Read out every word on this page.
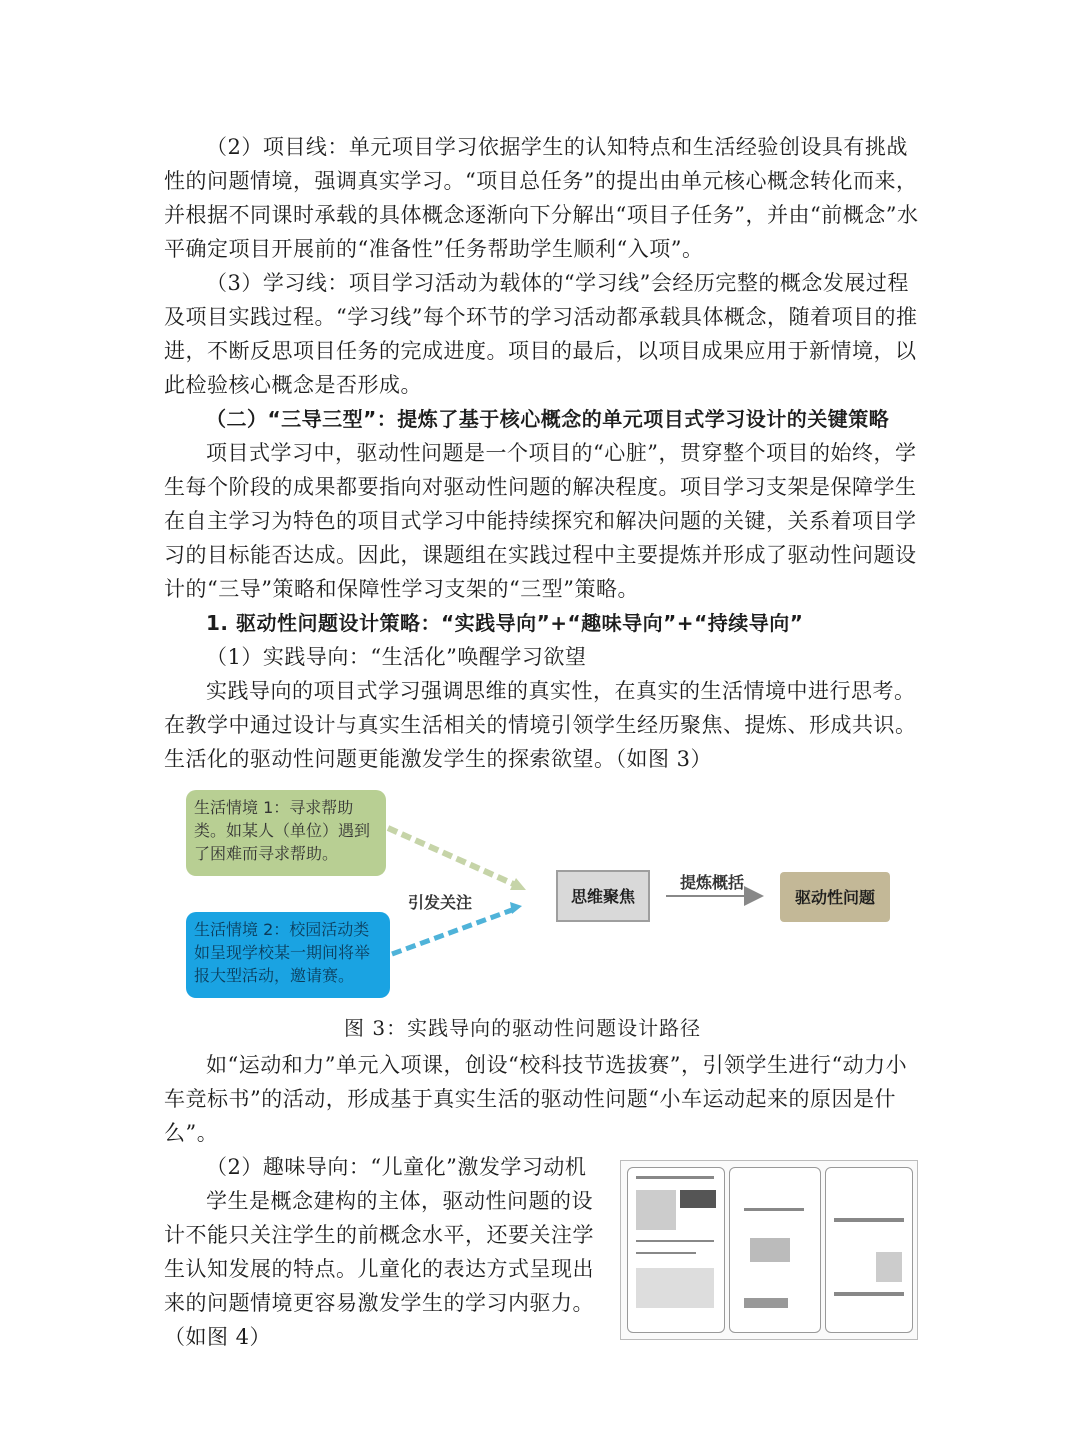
（2）项目线：单元项目学习依据学生的认知特点和生活经验创设具有挑战性的问题情境，强调真实学习。“项目总任务”的提出由单元核心概念转化而来，并根据不同课时承载的具体概念逐渐向下分解出“项目子任务”，并由“前概念”水平确定项目开展前的“准备性”任务帮助学生顺利“入项”。

（3）学习线：项目学习活动为载体的“学习线”会经历完整的概念发展过程及项目实践过程。“学习线”每个环节的学习活动都承载具体概念，随着项目的推进，不断反思项目任务的完成进度。项目的最后，以项目成果应用于新情境，以此检验核心概念是否形成。

（二）“三导三型”：提炼了基于核心概念的单元项目式学习设计的关键策略

项目式学习中，驱动性问题是一个项目的“心脏”，贯穿整个项目的始终，学生每个阶段的成果都要指向对驱动性问题的解决程度。项目学习支架是保障学生在自主学习为特色的项目式学习中能持续探究和解决问题的关键，关系着项目学习的目标能否达成。因此，课题组在实践过程中主要提炼并形成了驱动性问题设计的“三导”策略和保障性学习支架的“三型”策略。

1. 驱动性问题设计策略：“实践导向”+“趣味导向”+“持续导向”

（1）实践导向：“生活化”唤醒学习欲望

实践导向的项目式学习强调思维的真实性，在真实的生活情境中进行思考。在教学中通过设计与真实生活相关的情境引领学生经历聚焦、提炼、形成共识。生活化的驱动性问题更能激发学生的探索欲望。（如图 3）

生活情境 1：寻求帮助类。如某人（单位）遇到了困难而寻求帮助。
生活情境 2：校园活动类如呈现学校某一期间将举报大型活动，邀请赛。
引发关注	思维聚焦
提炼概括
驱动性问题
图 3：实践导向的驱动性问题设计路径

如“运动和力”单元入项课，创设“校科技节选拔赛”，引领学生进行“动力小车竞标书”的活动，形成基于真实生活的驱动性问题“小车运动起来的原因是什么”。

（2）趣味导向：“儿童化”激发学习动机

学生是概念建构的主体，驱动性问题的设计不能只关注学生的前概念水平，还要关注学生认知发展的特点。儿童化的表达方式呈现出来的问题情境更容易激发学生的学习内驱力。

（如图 4）
